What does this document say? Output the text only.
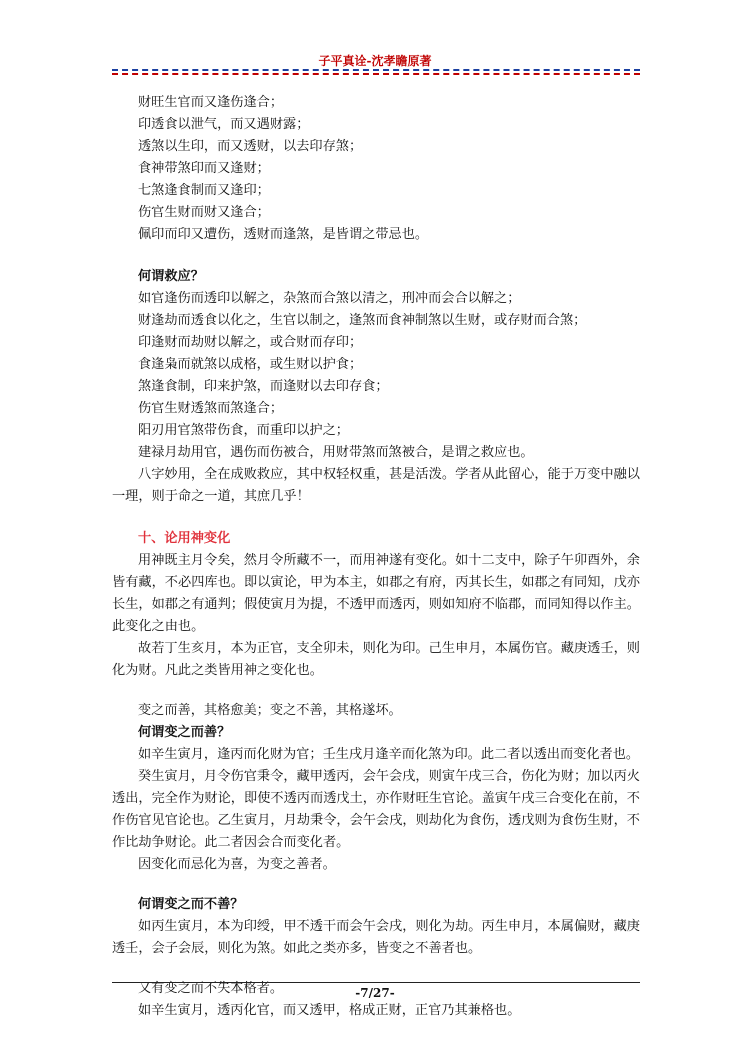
子平真诠-沈孝瞻原著
财旺生官而又逢伤逢合；
印透食以泄气，而又遇财露；
透煞以生印，而又透财，以去印存煞；
食神带煞印而又逢财；
七煞逢食制而又逢印；
伤官生财而财又逢合；
佩印而印又遭伤，透财而逢煞，是皆谓之带忌也。
何谓救应？
如官逢伤而透印以解之，杂煞而合煞以清之，刑冲而会合以解之；
财逢劫而透食以化之，生官以制之，逢煞而食神制煞以生财，或存财而合煞；
印逢财而劫财以解之，或合财而存印；
食逢枭而就煞以成格，或生财以护食；
煞逢食制，印来护煞，而逢财以去印存食；
伤官生财透煞而煞逢合；
阳刃用官煞带伤食，而重印以护之；
建禄月劫用官，遇伤而伤被合，用财带煞而煞被合，是谓之救应也。
八字妙用，全在成败救应，其中权轻权重，甚是活泼。学者从此留心，能于万变中融以一理，则于命之一道，其庶几乎！
十、论用神变化
用神既主月令矣，然月令所藏不一，而用神遂有变化。如十二支中，除子午卯酉外，余皆有藏，不必四库也。即以寅论，甲为本主，如郡之有府，丙其长生，如郡之有同知，戊亦长生，如郡之有通判；假使寅月为提，不透甲而透丙，则如知府不临郡，而同知得以作主。此变化之由也。
故若丁生亥月，本为正官，支全卯未，则化为印。己生申月，本属伤官。藏庚透壬，则化为财。凡此之类皆用神之变化也。
变之而善，其格愈美；变之不善，其格遂坏。
何谓变之而善？
如辛生寅月，逢丙而化财为官；壬生戌月逢辛而化煞为印。此二者以透出而变化者也。
癸生寅月，月令伤官秉令，藏甲透丙，会午会戌，则寅午戌三合，伤化为财；加以丙火透出，完全作为财论，即使不透丙而透戊土，亦作财旺生官论。盖寅午戌三合变化在前，不作伤官见官论也。乙生寅月，月劫秉令，会午会戌，则劫化为食伤，透戊则为食伤生财，不作比劫争财论。此二者因会合而变化者。
因变化而忌化为喜，为变之善者。
何谓变之而不善？
如丙生寅月，本为印绶，甲不透干而会午会戌，则化为劫。丙生申月，本属偏财，藏庚透壬，会子会辰，则化为煞。如此之类亦多，皆变之不善者也。
又有变之而不失本格者。
如辛生寅月，透丙化官，而又透甲，格成正财，正官乃其兼格也。
-7/27-
